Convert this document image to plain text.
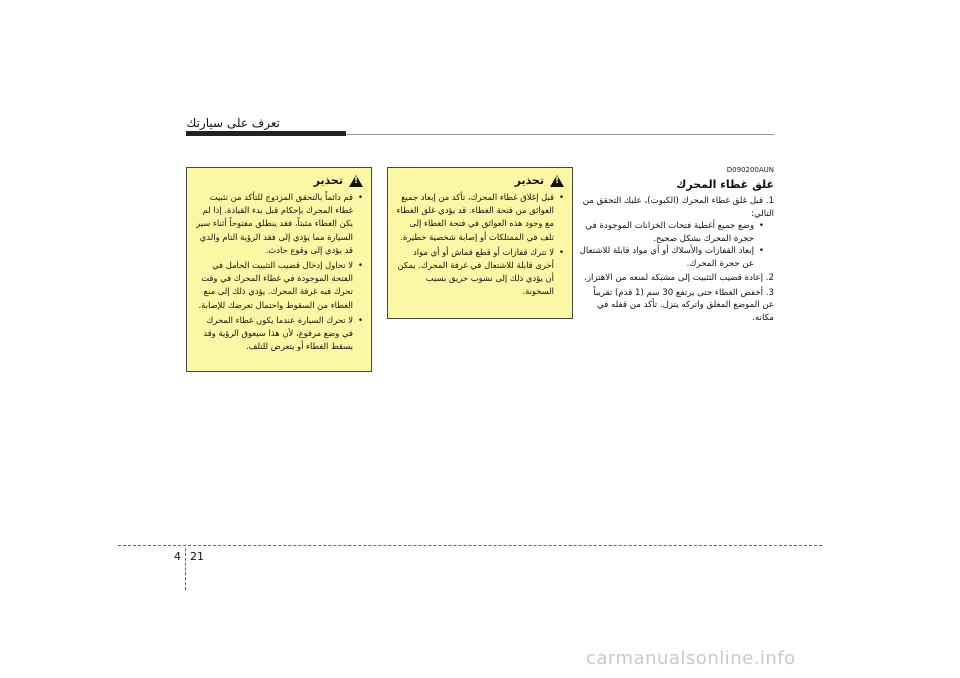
تعرف على سيارتك
!
تحذير
• قم دائماً بالتحقق المزدوج للتأكد من تثبيت غطاء المحرك بإحكام قبل بدء القيادة. إذا لم يكن الغطاء مثبتاً، فقد ينطلق مفتوحاً أثناء سير السيارة مما يؤدي إلى فقد الرؤية التام والذي قد يؤدي إلى وقوع حادث.
• لا تحاول إدخال قضيب التثبيت الحامل في الفتحة الموجودة في غطاء المحرك في وقت تحرك فيه غرفة المحرك. يؤدي ذلك إلى منع الغطاء من السقوط واحتمال تعرضك للإصابة.
• لا تحرك السيارة عندما يكون غطاء المحرك في وضع مرفوع، لأن هذا سيعوق الرؤية وقد يسقط الغطاء أو يتعرض للتلف.
!
تحذير
• قبل إغلاق غطاء المحرك، تأكد من إبعاد جميع العوائق من فتحة الغطاء. قد يؤدي غلق الغطاء مع وجود هذه العوائق في فتحة الغطاء إلى تلف في الممتلكات أو إصابة شخصية خطيرة.
• لا تترك قفازات أو قطع قماش أو أي مواد أخرى قابلة للاشتعال في غرفة المحرك. يمكن أن يؤدي ذلك إلى نشوب حريق بسبب السخونة.
D090200AUN
غلق غطاء المحرك
1. قبل غلق غطاء المحرك (الكبوت)، عليك التحقق من التالي:
• وضع جميع أغطية فتحات الخزانات الموجودة في حجرة المحرك بشكل صحيح.
• إبعاد القفازات والأسلاك أو أي مواد قابلة للاشتعال عن حجرة المحرك.
2. إعادة قضيب التثبيت إلى مشبكه لمنعه من الاهتزاز.
3. أخفض الغطاء حتى يرتفع 30 سم (1 قدم) تقريباً عن الموضع المغلق واتركه يتزل. تأكد من قفله في مكانه.
4 21
carmanualsonline.info
